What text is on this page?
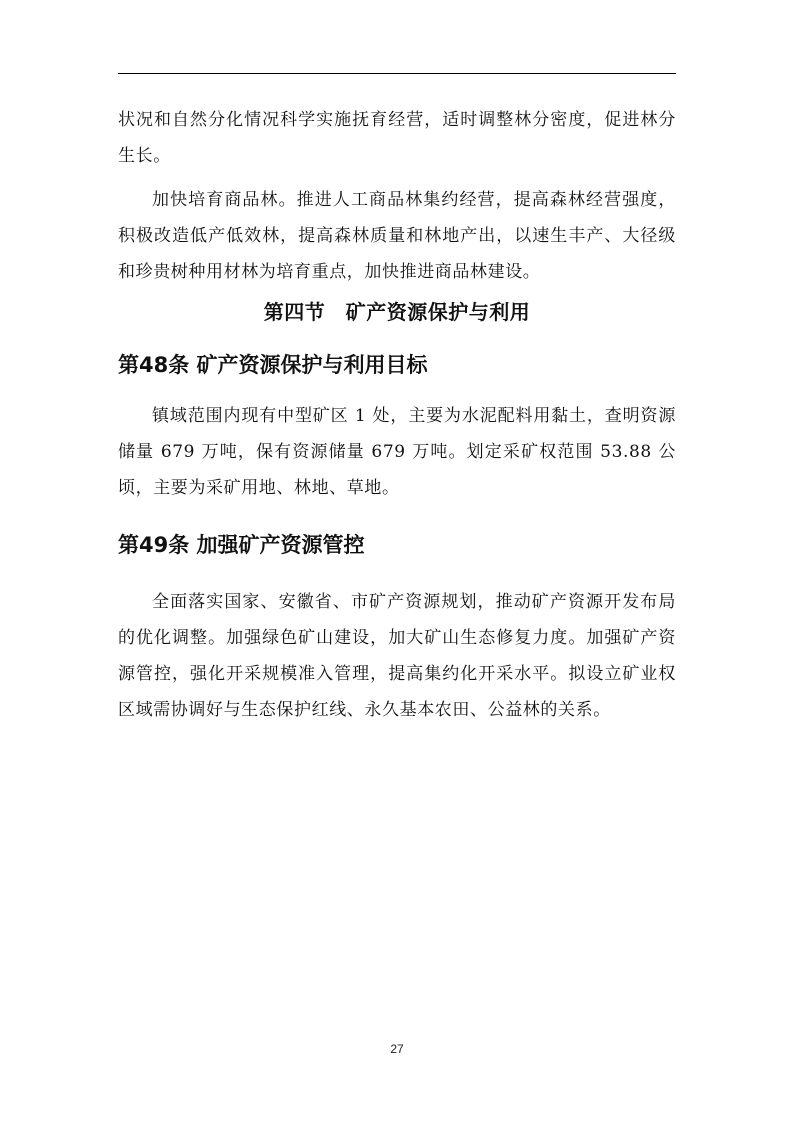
状况和自然分化情况科学实施抚育经营，适时调整林分密度，促进林分生长。

加快培育商品林。推进人工商品林集约经营，提高森林经营强度，积极改造低产低效林，提高森林质量和林地产出，以速生丰产、大径级和珍贵树种用材林为培育重点，加快推进商品林建设。

第四节　矿产资源保护与利用
第48条 矿产资源保护与利用目标

镇域范围内现有中型矿区 1 处，主要为水泥配料用黏土，查明资源储量 679 万吨，保有资源储量 679 万吨。划定采矿权范围 53.88 公顷，主要为采矿用地、林地、草地。

第49条 加强矿产资源管控

全面落实国家、安徽省、市矿产资源规划，推动矿产资源开发布局的优化调整。加强绿色矿山建设，加大矿山生态修复力度。加强矿产资源管控，强化开采规模准入管理，提高集约化开采水平。拟设立矿业权区域需协调好与生态保护红线、永久基本农田、公益林的关系。

27
